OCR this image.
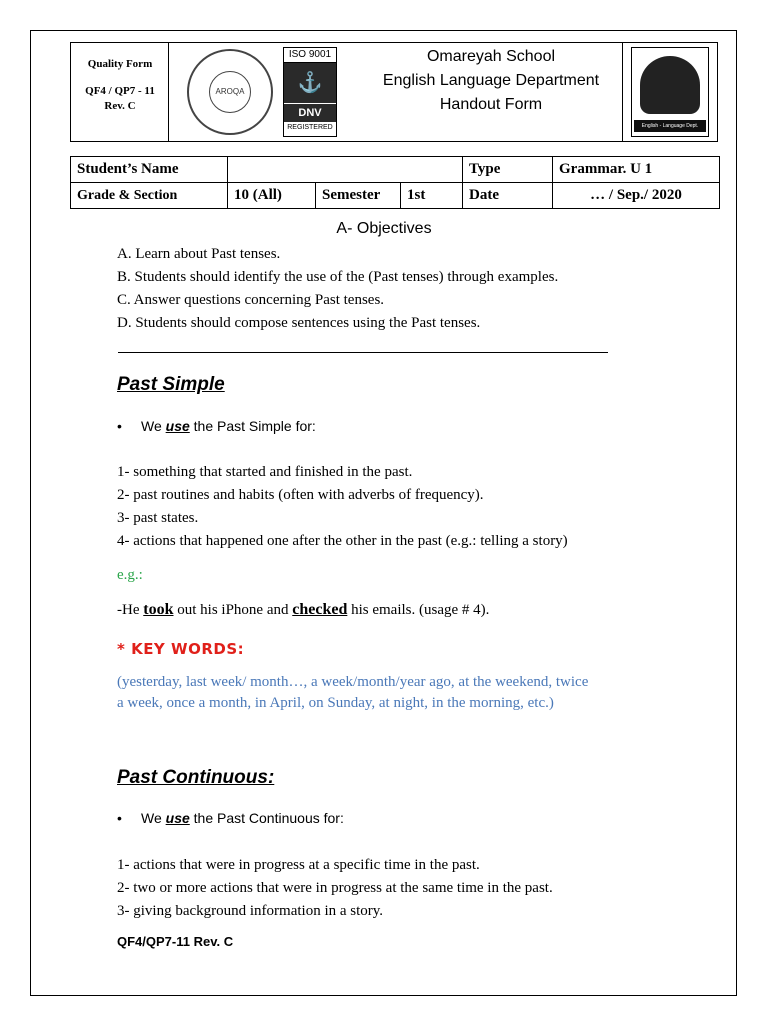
Quality Form
QF4 / QP7 - 11
Rev. C
AROQA
ISO 9001
⚓
DNV
REGISTERED
Omareyah School
English Language Department
Handout Form
English - Language Dept.
Student’s Name				Type	Grammar. U 1
Grade & Section	10 (All)	Semester	1st	Date	… / Sep./ 2020
A- Objectives
A. Learn about Past tenses.
B. Students should identify the use of the (Past tenses) through examples.
C. Answer questions concerning Past tenses.
D. Students should compose sentences using the Past tenses.
Past Simple
• We use the Past Simple for:
1- something that started and finished in the past.
2- past routines and habits (often with adverbs of frequency).
3- past states.
4- actions that happened one after the other in the past (e.g.: telling a story)
e.g.:
-He took out his iPhone and checked his emails. (usage # 4).
* KEY WORDS:
(yesterday, last week/ month…, a week/month/year ago, at the weekend, twice
a week, once a month, in April, on Sunday, at night, in the morning, etc.)
Past Continuous:
• We use the Past Continuous for:
1- actions that were in progress at a specific time in the past.
2- two or more actions that were in progress at the same time in the past.
3- giving background information in a story.
QF4/QP7-11 Rev. C
